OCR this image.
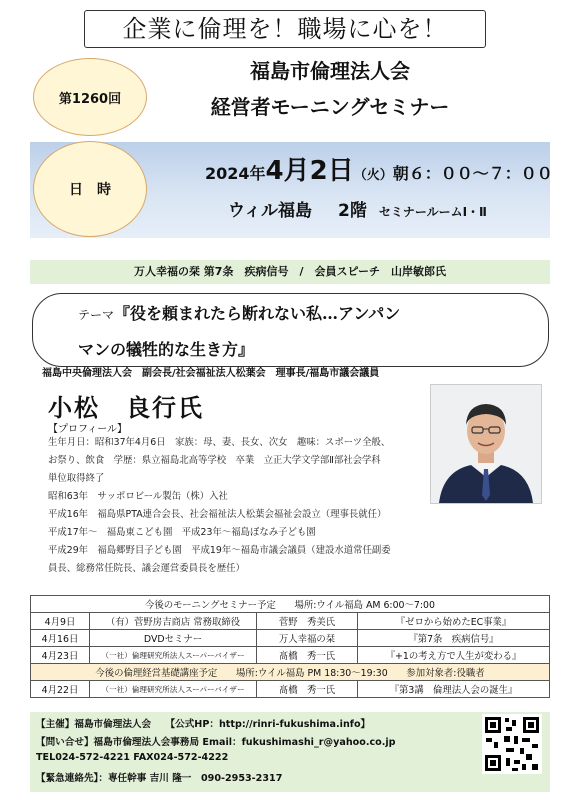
企業に倫理を！職場に心を！
第1260回
福島市倫理法人会
経営者モーニングセミナー
日　時
2024年4月2日（火）朝６：００〜７：００
ウィル福島 2階 セミナールームⅠ・Ⅱ
万人幸福の栞 第7条　疾病信号　/　会員スピーチ　山岸敏郎氏
テーマ『役を頼まれたら断れない私…アンパン
マンの犠牲的な生き方』
福島中央倫理法人会　副会長/社会福祉法人松葉会　理事長/福島市議会議員
小松　良行氏
【プロフィール】
生年月日：昭和37年4月6日　家族：母、妻、長女、次女　趣味：スポーツ全般、
お祭り、飲食　学歴：県立福島北高等学校　卒業　立正大学文学部Ⅱ部社会学科
単位取得終了
昭和63年　サッポロビール製缶（株）入社
平成16年　福島県PTA連合会長、社会福祉法人松葉会福祉会設立（理事長就任）
平成17年〜　福島東こども園　平成23年〜福島ぼなみ子ども園
平成29年　福島郷野目子ども園　平成19年〜福島市議会議員（建設水道常任副委
員長、総務常任院長、議会運営委員長を歴任）
今後のモーニングセミナー予定　　場所:ウイル福島 AM 6:00〜7:00			
4月9日	（有）菅野房吉商店 常務取締役	菅野　秀美氏	『ゼロから始めたEC事業』
4月16日	DVDセミナー	万人幸福の栞	『第7条　疾病信号』
4月23日	（一社）倫理研究所法人スーパーバイザー	髙橋　秀一氏	『+1の考え方で人生が変わる』
今後の倫理経営基礎講座予定　　場所:ウイル福島 PM 18:30〜19:30　　参加対象者:役職者			
4月22日	（一社）倫理研究所法人スーパーバイザー	髙橋　秀一氏	『第3講　倫理法人会の誕生』
【主催】福島市倫理法人会　　【公式HP：http://rinri-fukushima.info】
【問い合せ】福島市倫理法人会事務局 Email：fukushimashi_r@yahoo.co.jp
TEL024-572-4221 FAX024-572-4222
【緊急連絡先】：専任幹事 吉川 隆一　090-2953-2317
